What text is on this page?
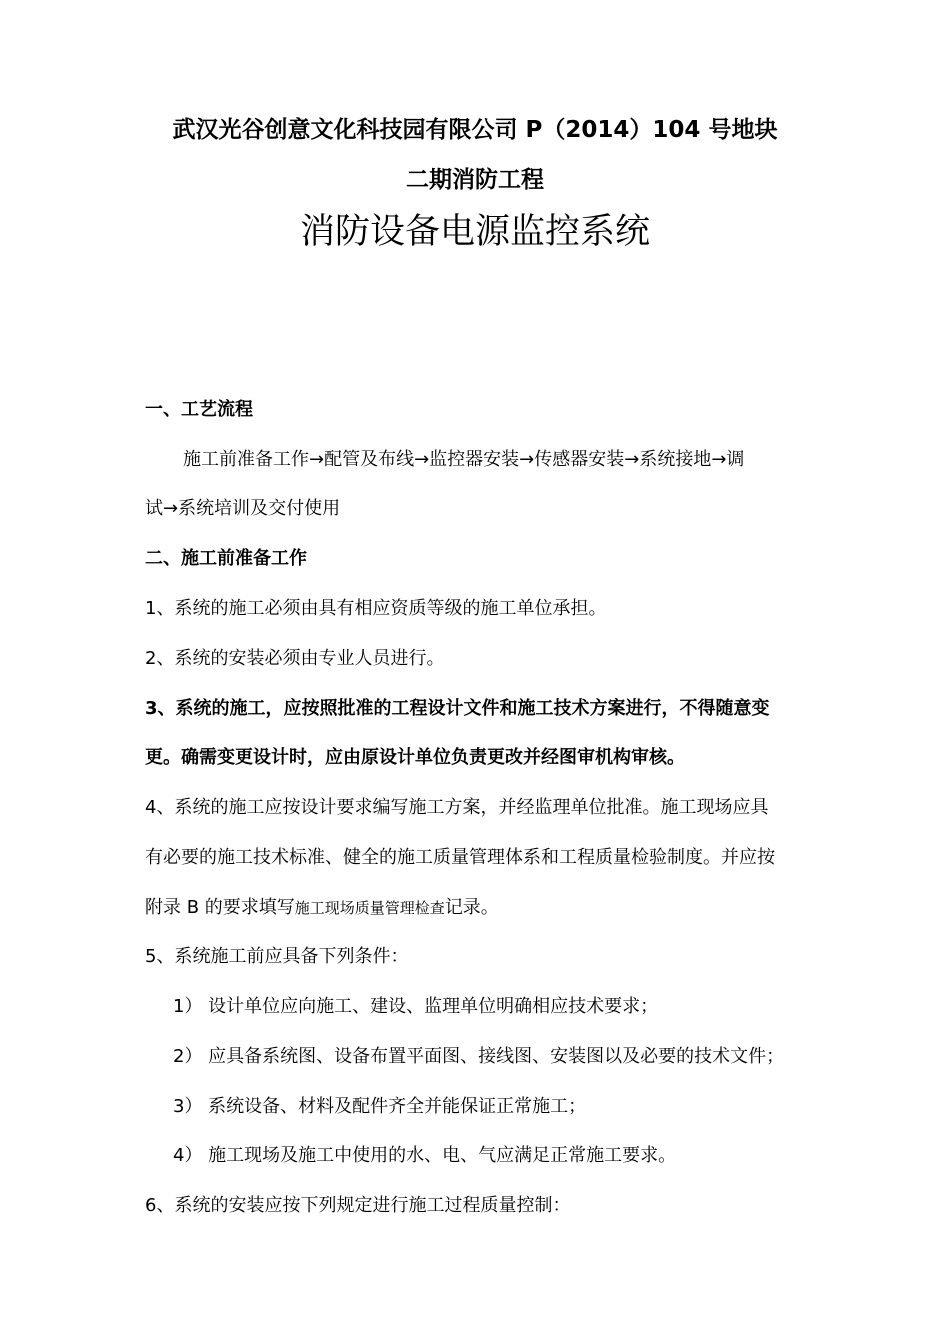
武汉光谷创意文化科技园有限公司 P（2014）104 号地块
二期消防工程
消防设备电源监控系统
一、工艺流程
施工前准备工作→配管及布线→监控器安装→传感器安装→系统接地→调
试→系统培训及交付使用
二、施工前准备工作
1、系统的施工必须由具有相应资质等级的施工单位承担。
2、系统的安装必须由专业人员进行。
3、系统的施工，应按照批准的工程设计文件和施工技术方案进行，不得随意变
更。确需变更设计时，应由原设计单位负责更改并经图审机构审核。
4、系统的施工应按设计要求编写施工方案，并经监理单位批准。施工现场应具
有必要的施工技术标准、健全的施工质量管理体系和工程质量检验制度。并应按
附录 B 的要求填写施工现场质量管理检查记录。
5、系统施工前应具备下列条件：
1） 设计单位应向施工、建设、监理单位明确相应技术要求；
2） 应具备系统图、设备布置平面图、接线图、安装图以及必要的技术文件；
3） 系统设备、材料及配件齐全并能保证正常施工；
4） 施工现场及施工中使用的水、电、气应满足正常施工要求。
6、系统的安装应按下列规定进行施工过程质量控制：
